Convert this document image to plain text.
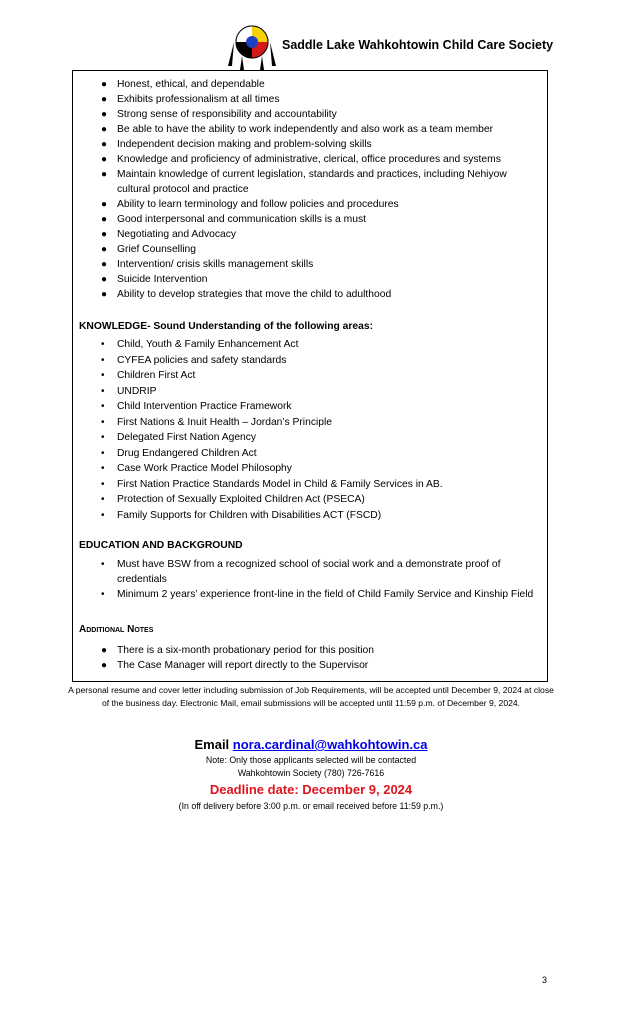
Saddle Lake Wahkohtowin Child Care Society
● Honest, ethical, and dependable
● Exhibits professionalism at all times
● Strong sense of responsibility and accountability
● Be able to have the ability to work independently and also work as a team member
● Independent decision making and problem-solving skills
● Knowledge and proficiency of administrative, clerical, office procedures and systems
● Maintain knowledge of current legislation, standards and practices, including Nehiyow cultural protocol and practice
● Ability to learn terminology and follow policies and procedures
● Good interpersonal and communication skills is a must
● Negotiating and Advocacy
● Grief Counselling
● Intervention/ crisis skills management skills
● Suicide Intervention
● Ability to develop strategies that move the child to adulthood
KNOWLEDGE- Sound Understanding of the following areas:
• Child, Youth & Family Enhancement Act
• CYFEA policies and safety standards
• Children First Act
• UNDRIP
• Child Intervention Practice Framework
• First Nations & Inuit Health – Jordan’s Principle
• Delegated First Nation Agency
• Drug Endangered Children Act
• Case Work Practice Model Philosophy
• First Nation Practice Standards Model in Child & Family Services in AB.
• Protection of Sexually Exploited Children Act (PSECA)
• Family Supports for Children with Disabilities ACT (FSCD)
EDUCATION AND BACKGROUND
• Must have BSW from a recognized school of social work and a demonstrate proof of credentials
• Minimum 2 years’ experience front-line in the field of Child Family Service and Kinship Field
Additional Notes
● There is a six-month probationary period for this position
● The Case Manager will report directly to the Supervisor
A personal resume and cover letter including submission of Job Requirements, will be accepted until December 9, 2024 at close of the business day. Electronic Mail, email submissions will be accepted until 11:59 p.m. of December 9, 2024.
Email nora.cardinal@wahkohtowin.ca
Note: Only those applicants selected will be contacted
Wahkohtowin Society (780) 726-7616
Deadline date: December 9, 2024
(In off delivery before 3:00 p.m. or email received before 11:59 p.m.)
3
